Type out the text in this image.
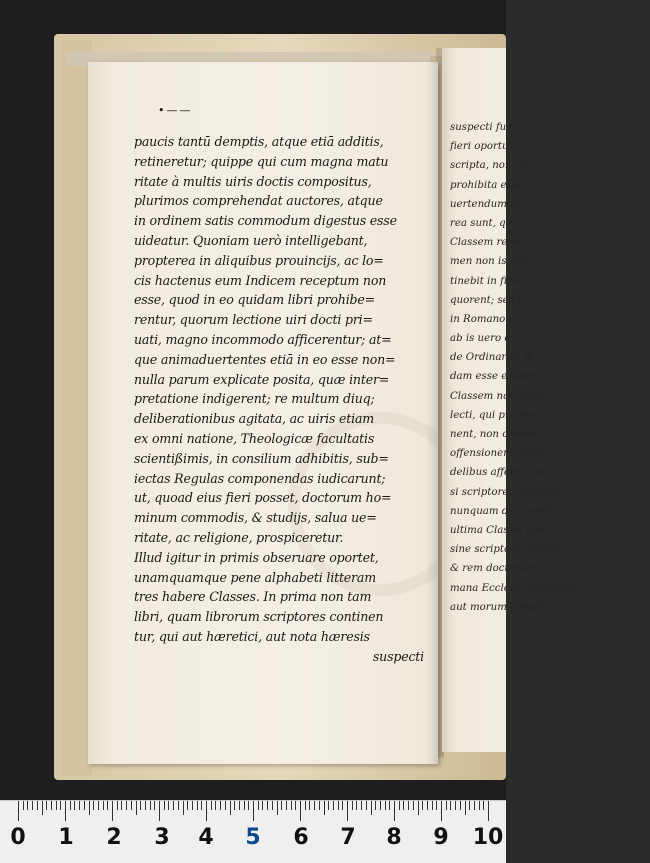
•——
paucis tantū demptis, atque etiā additis,
retineretur; quippe qui cum magna matu
ritate à multis uiris doctis compositus,
plurimos comprehendat auctores, atque
in ordinem satis commodum digestus esse
uideatur. Quoniam uerò intelligebant,
propterea in aliquibus prouincijs, ac lo=
cis hactenus eum Indicem receptum non
esse, quod in eo quidam libri prohibe=
rentur, quorum lectione uiri docti pri=
uati, magno incommodo afficerentur; at=
que animaduertentes etiā in eo esse non=
nulla parum explicate posita, quæ inter=
pretatione indigerent; re multum diuq;
deliberationibus agitata, ac uiris etiam
ex omni natione, Theologicæ facultatis
scientißimis, in consilium adhibitis, sub=
iectas Regulas componendas iudicarunt;
ut, quoad eius fieri posset, doctorum ho=
minum commodis, & studijs, salua ue=
ritate, ac religione, prospiceretur.
Illud igitur in primis obseruare oportet,
unamquamque pene alphabeti litteram
tres habere Classes. In prima non tam
libri, quam librorum scriptores continen
tur, qui aut hæretici, aut nota hæresis
suspecti
suspecti fuerunt
fieri oportuit;
scripta, non eo
prohibita esse.
uertendum est
rea sunt, qui
Classem referri
men non is fuer
tinebit in finitu
quorent; sed o
in Romano cata
ab is uero ex
de Ordinariis, &
dam esse existim
Classem non aucto
lecti, qui propter
nent, non omnem
offensionem etiam
delibus afferre pos
si scriptores, a quibu
nunquam de scienti
ultima Classis eos li
sine scriptoris nomin
& rem doctrinam ca
mana Ecclesia nunquam
aut morum integri
0 1 2 3 4 5 6 7 8 9 10
